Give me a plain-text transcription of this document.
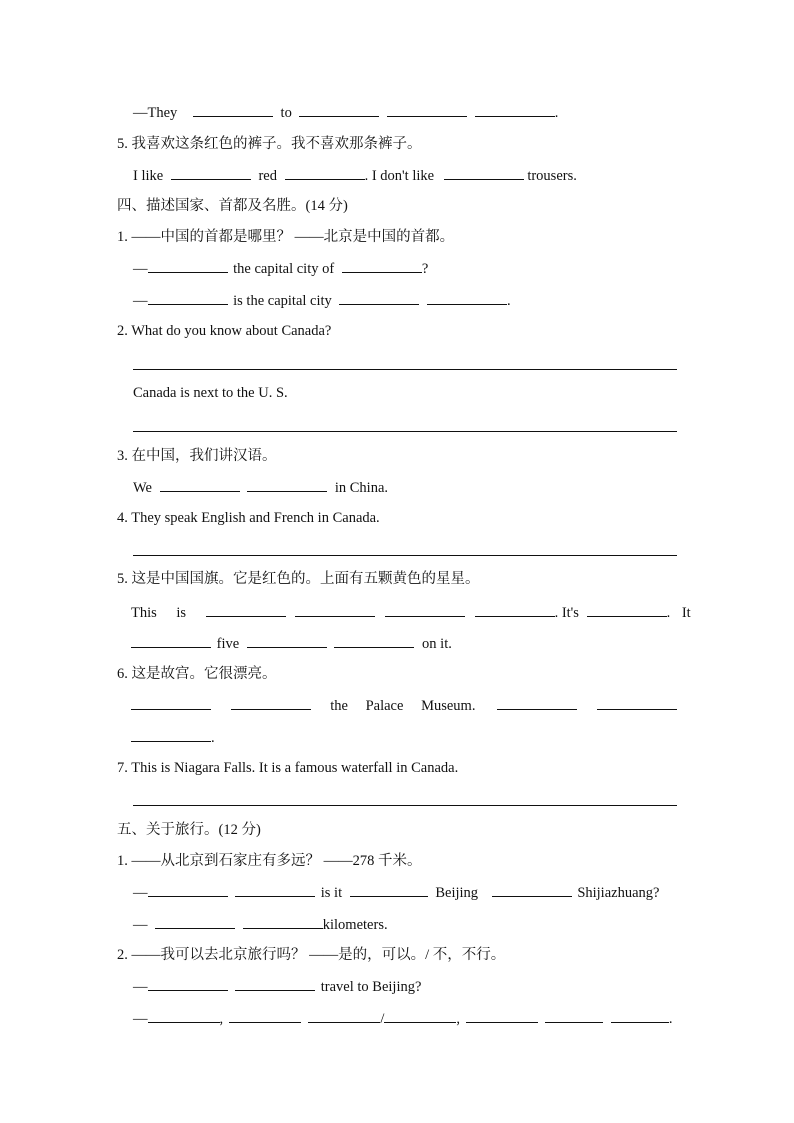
—They	to	.
5. 我喜欢这条红色的裤子。我不喜欢那条裤子。
I like	red	. I don't like	trousers.
四、描述国家、首都及名胜。(14 分)
1. ——中国的首都是哪里？ ——北京是中国的首都。
—	the capital city of	?
—	is the capital city	.
2. What do you know about Canada?
Canada is next to the U. S.
3. 在中国，我们讲汉语。
We	in China.
4. They speak English and French in Canada.
5. 这是中国国旗。它是红色的。上面有五颗黄色的星星。
This is	. It's	. It
five	on it.
6. 这是故宫。它很漂亮。
the Palace Museum.
.
7. This is Niagara Falls. It is a famous waterfall in Canada.
五、关于旅行。(12 分)
1. ——从北京到石家庄有多远？ ——278 千米。
—	is it	Beijing	Shijiazhuang?
—	kilometers.
2. ——我可以去北京旅行吗？ ——是的，可以。/ 不，不行。
—	travel to Beijing?
—	,	/	,	.
